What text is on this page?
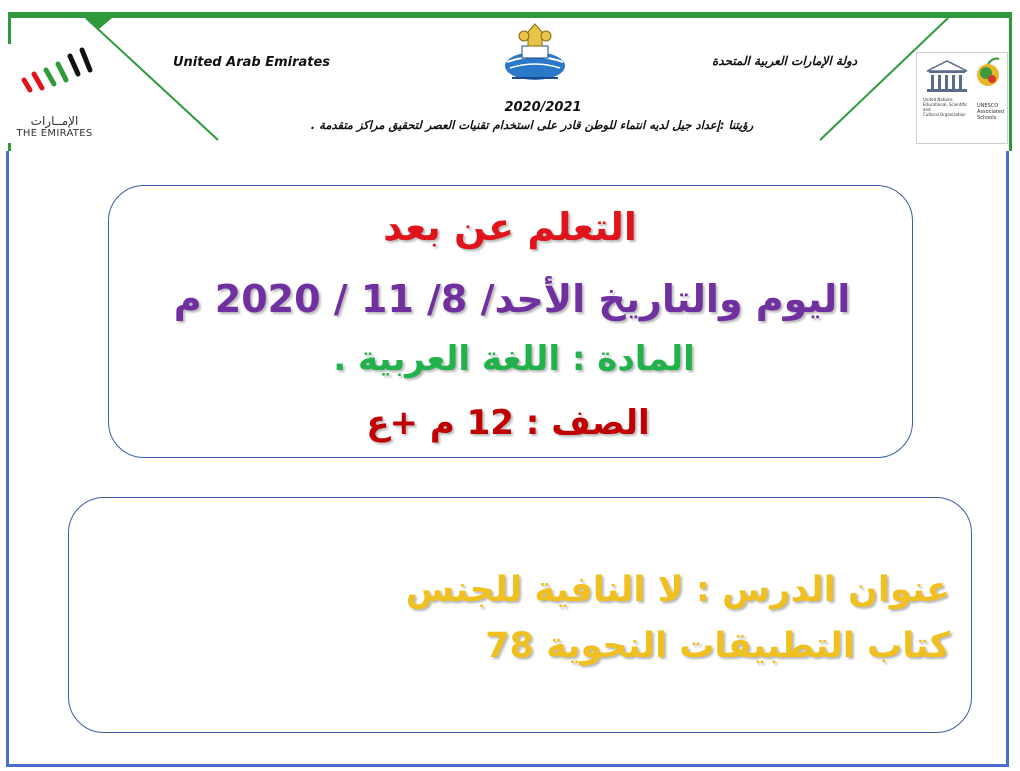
الإمــارات
THE EMIRATES
United Nations
Educational, Scientific and
Cultural Organization
UNESCO
Associated
Schools
United Arab Emirates	دولة الإمارات العربية المتحدة
2020/2021
رؤيتنا :إعداد جيل لديه انتماء للوطن قادر على استخدام تقنيات العصر لتحقيق مراكز متقدمة .
التعلم عن بعد
اليوم والتاريخ الأحد/ 8/ 11 / 2020 م
المادة : اللغة العربية .
الصف : 12 م +ع
عنوان الدرس : لا النافية للجنس
كتاب التطبيقات النحوية 78
